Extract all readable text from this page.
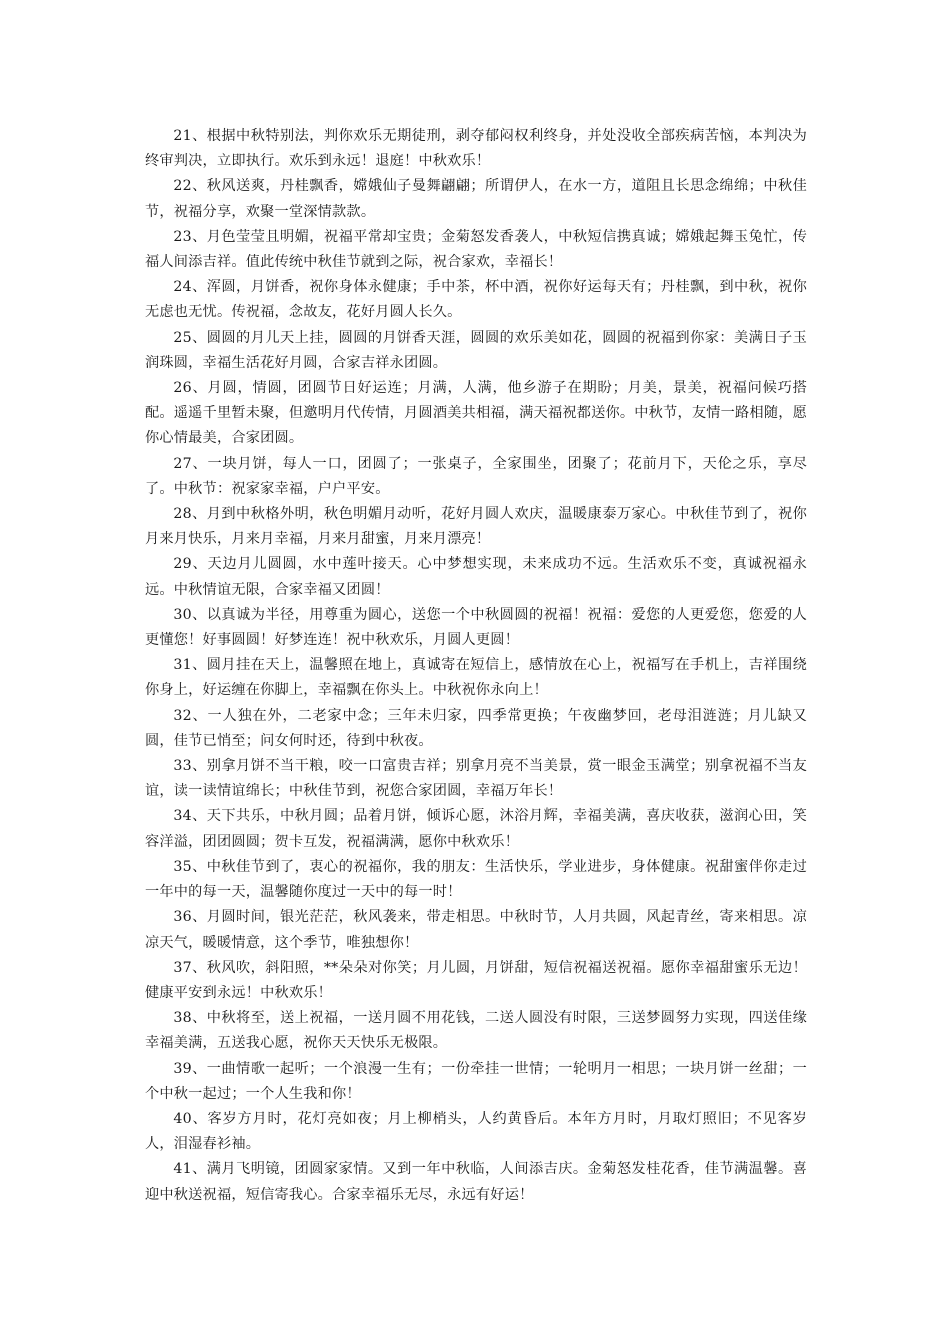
21、根据中秋特别法，判你欢乐无期徒刑，剥夺郁闷权利终身，并处没收全部疾病苦恼，本判决为终审判决，立即执行。欢乐到永远！退庭！中秋欢乐！

22、秋风送爽，丹桂飘香，嫦娥仙子曼舞翩翩；所谓伊人，在水一方，道阻且长思念绵绵；中秋佳节，祝福分享，欢聚一堂深情款款。

23、月色莹莹且明媚，祝福平常却宝贵；金菊怒发香袭人，中秋短信携真诚；嫦娥起舞玉兔忙，传福人间添吉祥。值此传统中秋佳节就到之际，祝合家欢，幸福长！

24、浑圆，月饼香，祝你身体永健康；手中茶，杯中酒，祝你好运每天有；丹桂飘，到中秋，祝你无虑也无忧。传祝福，念故友，花好月圆人长久。

25、圆圆的月儿天上挂，圆圆的月饼香天涯，圆圆的欢乐美如花，圆圆的祝福到你家：美满日子玉润珠圆，幸福生活花好月圆，合家吉祥永团圆。

26、月圆，情圆，团圆节日好运连；月满，人满，他乡游子在期盼；月美，景美，祝福问候巧搭配。遥遥千里暂未聚，但邀明月代传情，月圆酒美共相福，满天福祝都送你。中秋节，友情一路相随，愿你心情最美，合家团圆。

27、一块月饼，每人一口，团圆了；一张桌子，全家围坐，团聚了；花前月下，天伦之乐，享尽了。中秋节：祝家家幸福，户户平安。

28、月到中秋格外明，秋色明媚月动听，花好月圆人欢庆，温暖康泰万家心。中秋佳节到了，祝你月来月快乐，月来月幸福，月来月甜蜜，月来月漂亮！

29、天边月儿圆圆，水中莲叶接天。心中梦想实现，未来成功不远。生活欢乐不变，真诚祝福永远。中秋情谊无限，合家幸福又团圆！

30、以真诚为半径，用尊重为圆心，送您一个中秋圆圆的祝福！祝福：爱您的人更爱您，您爱的人更懂您！好事圆圆！好梦连连！祝中秋欢乐，月圆人更圆！

31、圆月挂在天上，温馨照在地上，真诚寄在短信上，感情放在心上，祝福写在手机上，吉祥围绕你身上，好运缠在你脚上，幸福飘在你头上。中秋祝你永向上！

32、一人独在外，二老家中念；三年未归家，四季常更换；午夜幽梦回，老母泪涟涟；月儿缺又圆，佳节已悄至；问女何时还，待到中秋夜。

33、别拿月饼不当干粮，咬一口富贵吉祥；别拿月亮不当美景，赏一眼金玉满堂；别拿祝福不当友谊，读一读情谊绵长；中秋佳节到，祝您合家团圆，幸福万年长！

34、天下共乐，中秋月圆；品着月饼，倾诉心愿，沐浴月辉，幸福美满，喜庆收获，滋润心田，笑容洋溢，团团圆圆；贺卡互发，祝福满满，愿你中秋欢乐！

35、中秋佳节到了，衷心的祝福你，我的朋友：生活快乐，学业进步，身体健康。祝甜蜜伴你走过一年中的每一天，温馨随你度过一天中的每一时！

36、月圆时间，银光茫茫，秋风袭来，带走相思。中秋时节，人月共圆，风起青丝，寄来相思。凉凉天气，暖暖情意，这个季节，唯独想你！

37、秋风吹，斜阳照，**朵朵对你笑；月儿圆，月饼甜，短信祝福送祝福。愿你幸福甜蜜乐无边！健康平安到永远！中秋欢乐！

38、中秋将至，送上祝福，一送月圆不用花钱，二送人圆没有时限，三送梦圆努力实现，四送佳缘幸福美满，五送我心愿，祝你天天快乐无极限。

39、一曲情歌一起听；一个浪漫一生有；一份牵挂一世情；一轮明月一相思；一块月饼一丝甜；一个中秋一起过；一个人生我和你！

40、客岁方月时，花灯亮如夜；月上柳梢头，人约黄昏后。本年方月时，月取灯照旧；不见客岁人，泪湿春衫袖。

41、满月飞明镜，团圆家家情。又到一年中秋临，人间添吉庆。金菊怒发桂花香，佳节满温馨。喜迎中秋送祝福，短信寄我心。合家幸福乐无尽，永远有好运！
